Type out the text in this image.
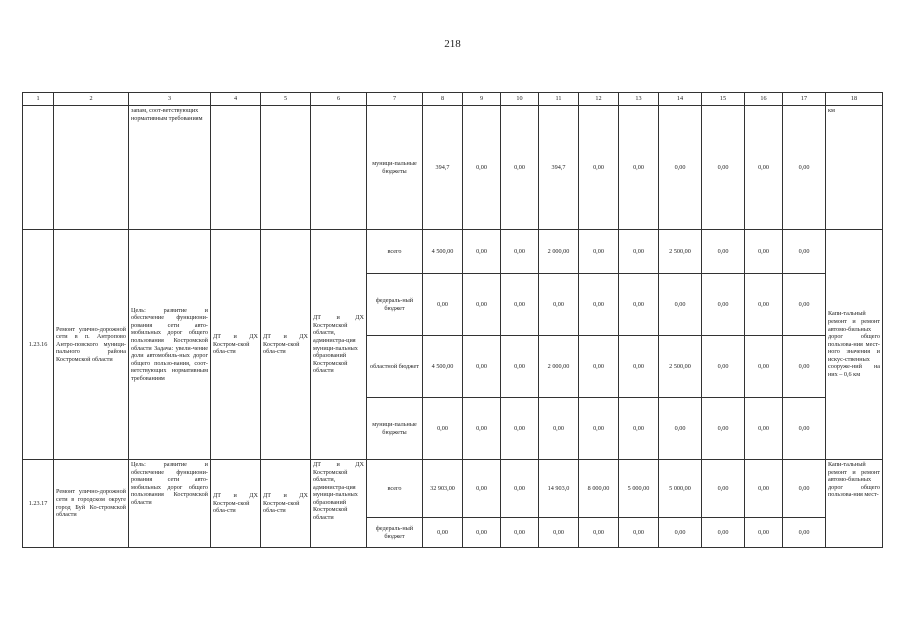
218
1	2	3	4	5	6	7	8	9	10	11	12	13	14	15	16	17	18
		запам, соот-ветствующих нормативным требованиям				муници-пальные бюджеты	394,7	0,00	0,00	394,7	0,00	0,00	0,00	0,00	0,00	0,00	км
1.23.16	Ремонт улично-дорожной сети в п. Антропово Антро-повского муници-пального района Костромской области	Цель: развитие и обеспечение функциони-рования сети авто-мобильных дорог общего пользования Костромской области Задача: увели-чение доли автомобиль-ных дорог общего пользо-вания, соот-ветствующих нормативным требованиям	ДТ и ДХ Костром-ской обла-сти	ДТ и ДХ Костром-ской обла-сти	ДТ и ДХ Костромской области, администра-ция муници-пальных образований Костромской области	всего	4 500,00	0,00	0,00	2 000,00	0,00	0,00	2 500,00	0,00	0,00	0,00	Капи-тальный ремонт и ремонт автомо-бильных дорог общего пользова-ния мест-ного значения и искус-ственных сооруже-ний на них – 0,6 км
						федераль-ный бюджет	0,00	0,00	0,00	0,00	0,00	0,00	0,00	0,00	0,00	0,00	
						областной бюджет	4 500,00	0,00	0,00	2 000,00	0,00	0,00	2 500,00	0,00	0,00	0,00	
						муници-пальные бюджеты	0,00	0,00	0,00	0,00	0,00	0,00	0,00	0,00	0,00	0,00	
1.23.17	Ремонт улично-дорожной сети в городском округе город Буй Ко-стромской области	Цель: развитие и обеспечение функциони-рования сети авто-мобильных дорог общего пользования Костромской области	ДТ и ДХ Костром-ской обла-сти	ДТ и ДХ Костром-ской обла-сти	ДТ и ДХ Костромской области, администра-ция муници-пальных образований Костромской области	всего	32 903,00	0,00	0,00	14 903,0	8 000,00	5 000,00	5 000,00	0,00	0,00	0,00	Капи-тальный ремонт и ремонт автомо-бильных дорог общего пользова-ния мест-
						федераль-ный бюджет	0,00	0,00	0,00	0,00	0,00	0,00	0,00	0,00	0,00	0,00	
